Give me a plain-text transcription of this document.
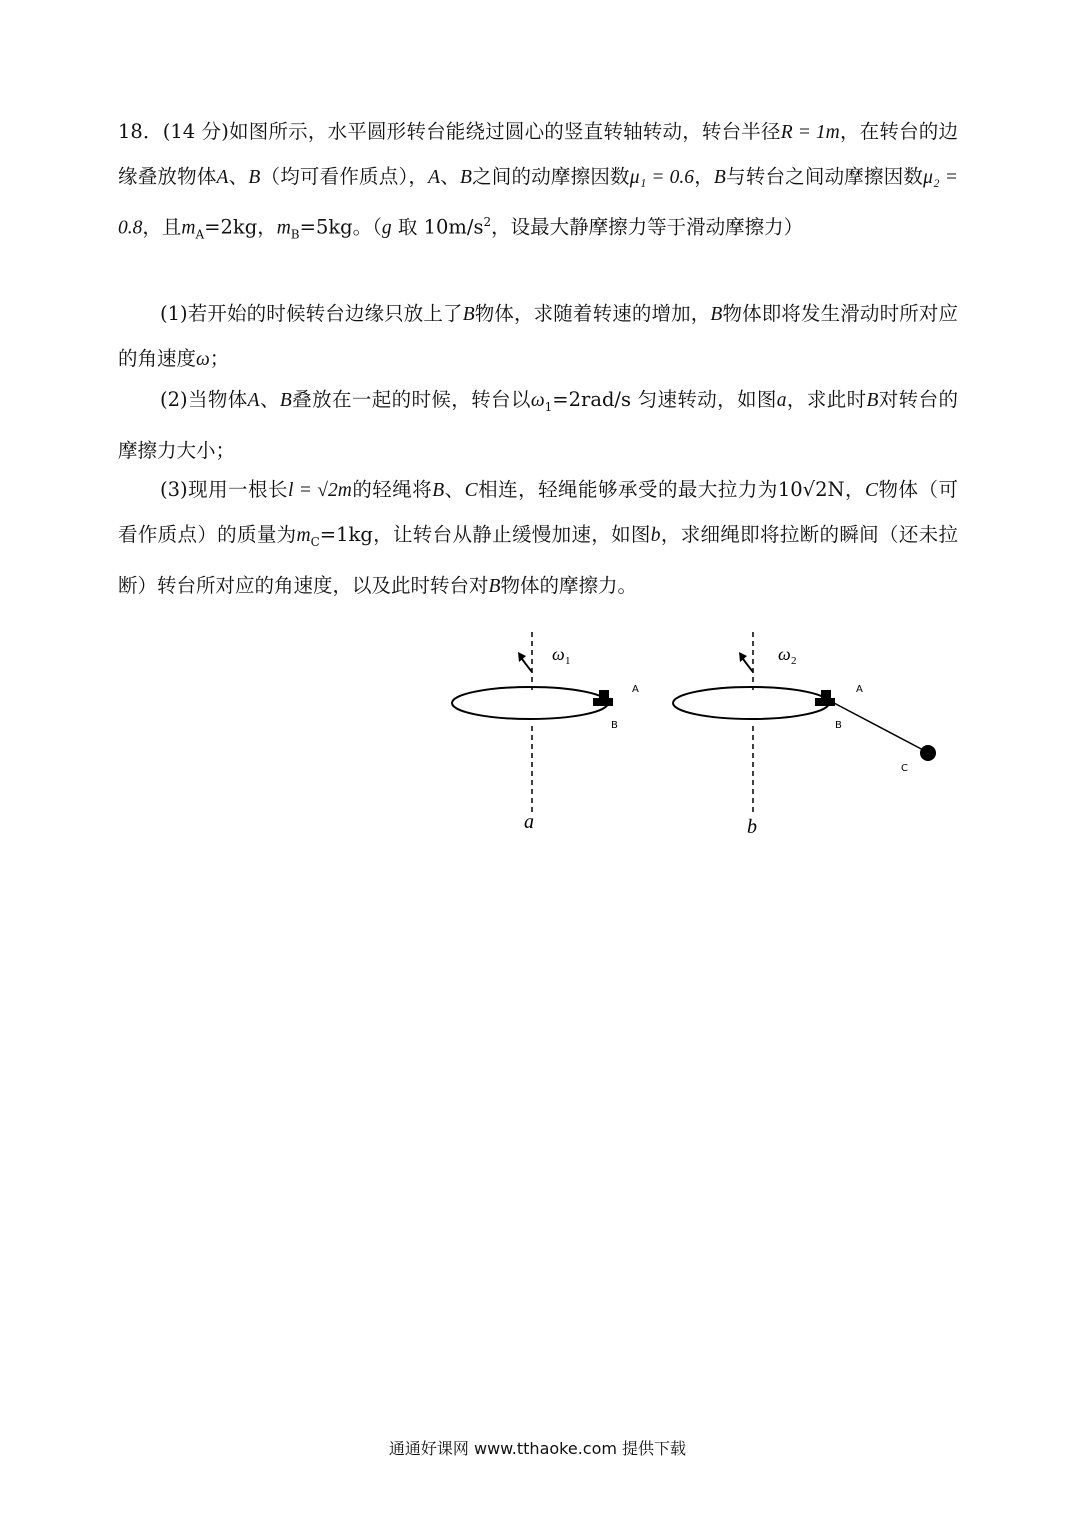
18．(14 分)如图所示，水平圆形转台能绕过圆心的竖直转轴转动，转台半径R = 1m，在转台的边缘叠放物体A、B（均可看作质点），A、B之间的动摩擦因数μ₁ = 0.6，B与转台之间动摩擦因数μ₂ = 0.8，且$m_A=2kg$，$m_B=5kg$。（g 取 $10m/s^2$，设最大静摩擦力等于滑动摩擦力）
(1)若开始的时候转台边缘只放上了B物体，求随着转速的增加，B物体即将发生滑动时所对应的角速度ω；
(2)当物体A、B叠放在一起的时候，转台以$\omega_1=2rad/s$ 匀速转动，如图a，求此时B对转台的摩擦力大小；
(3)现用一根长l = √2m的轻绳将B、C相连，轻绳能够承受的最大拉力为10√2N，C物体（可看作质点）的质量为$m_C=1kg$，让转台从静止缓慢加速，如图b，求细绳即将拉断的瞬间（还未拉断）转台所对应的角速度，以及此时转台对B物体的摩擦力。
ω 1
A
B
a
ω 2
A
B
C
b
通通好课网 www.tthaoke.com 提供下载
